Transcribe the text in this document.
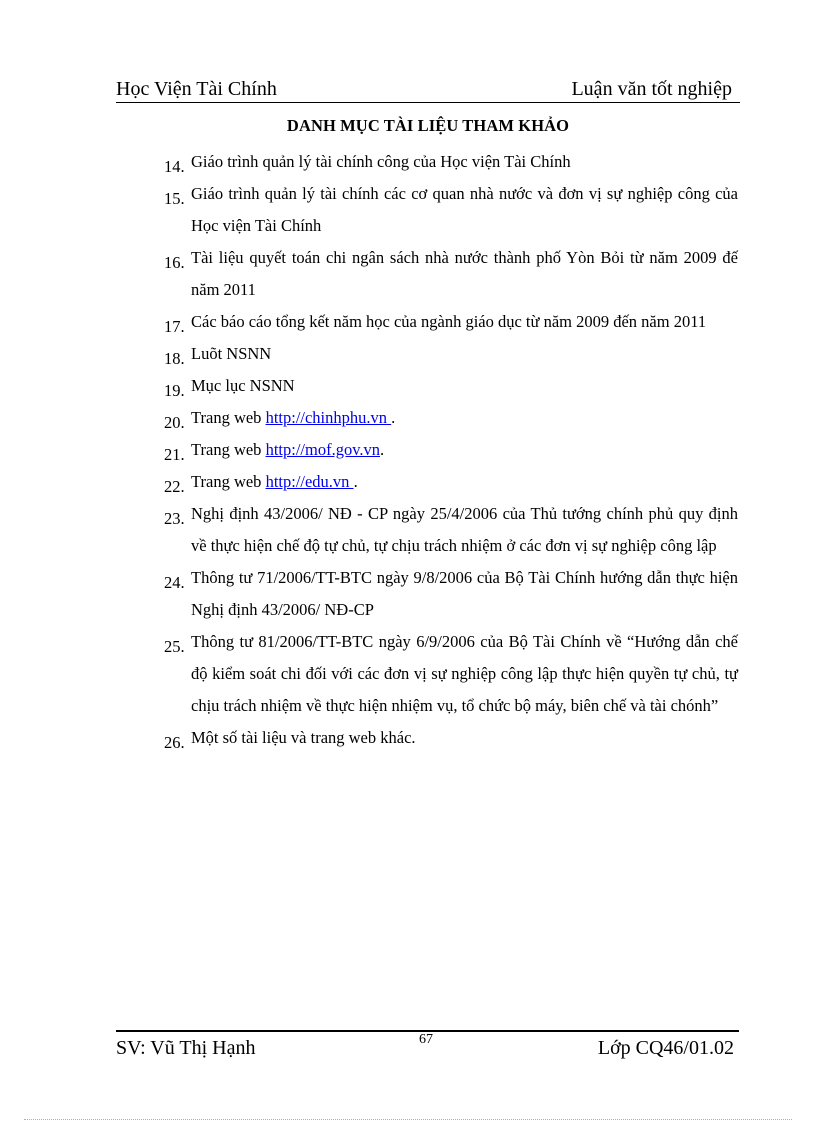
Học Viện Tài Chính	Luận văn tốt nghiệp
DANH MỤC TÀI LIỆU THAM KHẢO
14. Giáo trình quản lý tài chính công của Học viện Tài Chính
15. Giáo trình quản lý tài chính các cơ quan nhà nước và đơn vị sự nghiệp công của Học viện Tài Chính
16. Tài liệu quyết toán chi ngân sách nhà nước thành phố Yòn Bỏi từ năm 2009 đế năm 2011
17. Các báo cáo tổng kết năm học của ngành giáo dục từ năm 2009 đến năm 2011
18. Luõt NSNN
19. Mục lục NSNN
20. Trang web http://chinhphu.vn .
21. Trang web http://mof.gov.vn.
22. Trang web http://edu.vn .
23. Nghị định 43/2006/ NĐ - CP ngày 25/4/2006 của Thủ tướng chính phủ quy định về thực hiện chế độ tự chủ, tự chịu trách nhiệm ở các đơn vị sự nghiệp công lập
24. Thông tư 71/2006/TT-BTC ngày 9/8/2006 của Bộ Tài Chính hướng dẫn thực hiện Nghị định 43/2006/ NĐ-CP
25. Thông tư 81/2006/TT-BTC ngày 6/9/2006 của Bộ Tài Chính về “Hướng dẫn chế độ kiểm soát chi đối với các đơn vị sự nghiệp công lập thực hiện quyền tự chủ, tự chịu trách nhiệm về thực hiện nhiệm vụ, tổ chức bộ máy, biên chế và tài chónh”
26. Một số tài liệu và trang web khác.
SV: Vũ Thị Hạnh	67	Lớp CQ46/01.02
